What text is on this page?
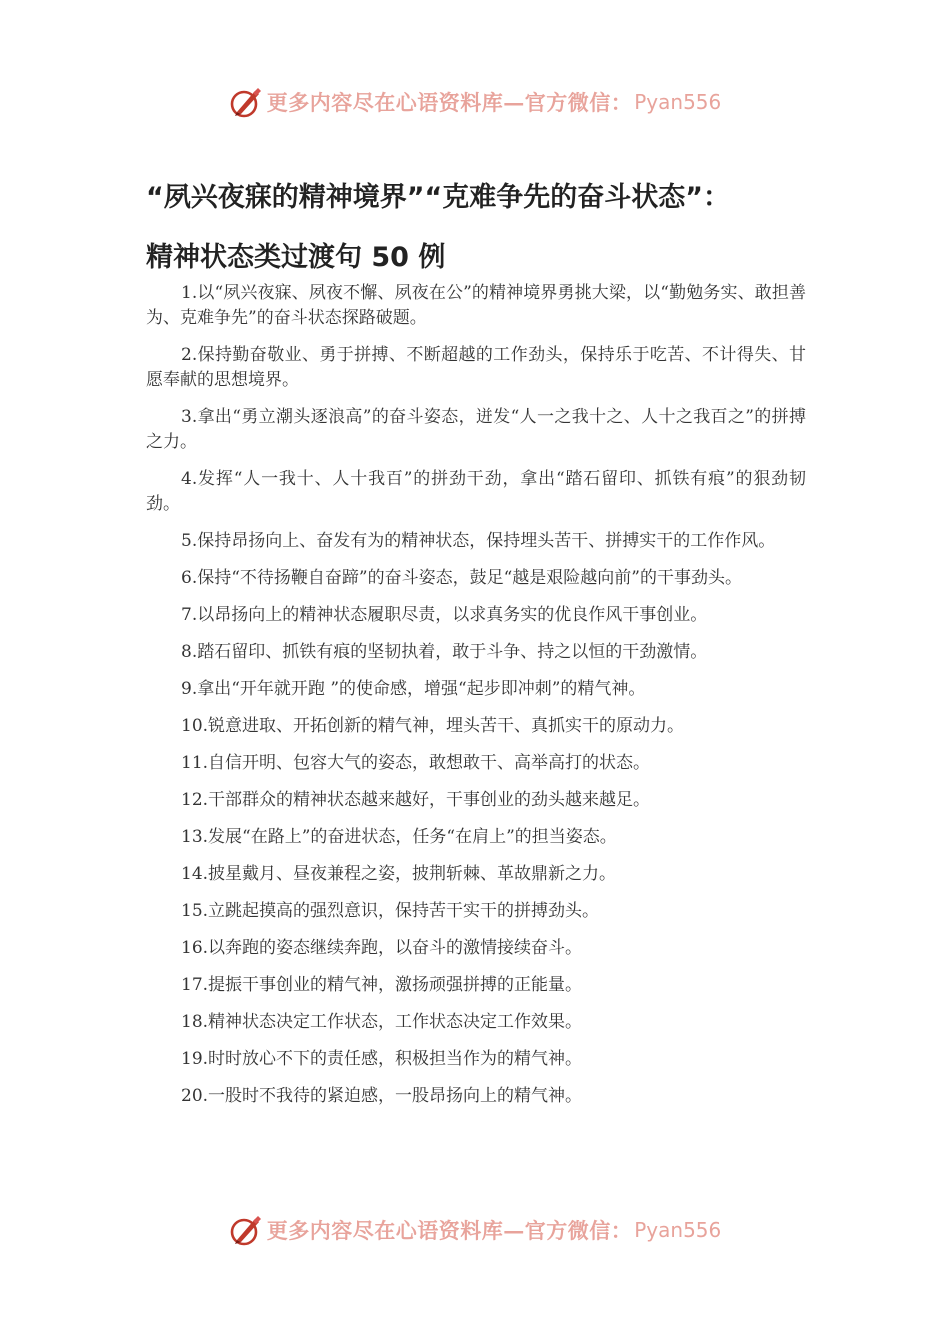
更多内容尽在心语资料库—官方微信： Pyan556
“夙兴夜寐的精神境界”“克难争先的奋斗状态”：
精神状态类过渡句 50 例

1.以“夙兴夜寐、夙夜不懈、夙夜在公”的精神境界勇挑大梁，以“勤勉务实、敢担善为、克难争先”的奋斗状态探路破题。

2.保持勤奋敬业、勇于拼搏、不断超越的工作劲头，保持乐于吃苦、不计得失、甘愿奉献的思想境界。

3.拿出“勇立潮头逐浪高”的奋斗姿态，迸发“人一之我十之、人十之我百之”的拼搏之力。

4.发挥“人一我十、人十我百”的拼劲干劲，拿出“踏石留印、抓铁有痕”的狠劲韧劲。

5.保持昂扬向上、奋发有为的精神状态，保持埋头苦干、拼搏实干的工作作风。

6.保持“不待扬鞭自奋蹄”的奋斗姿态，鼓足“越是艰险越向前”的干事劲头。

7.以昂扬向上的精神状态履职尽责，以求真务实的优良作风干事创业。

8.踏石留印、抓铁有痕的坚韧执着，敢于斗争、持之以恒的干劲激情。

9.拿出“开年就开跑 ”的使命感，增强“起步即冲刺”的精气神。

10.锐意进取、开拓创新的精气神，埋头苦干、真抓实干的原动力。

11.自信开明、包容大气的姿态，敢想敢干、高举高打的状态。

12.干部群众的精神状态越来越好，干事创业的劲头越来越足。

13.发展“在路上”的奋进状态，任务“在肩上”的担当姿态。

14.披星戴月、昼夜兼程之姿，披荆斩棘、革故鼎新之力。

15.立跳起摸高的强烈意识，保持苦干实干的拼搏劲头。

16.以奔跑的姿态继续奔跑，以奋斗的激情接续奋斗。

17.提振干事创业的精气神，激扬顽强拼搏的正能量。

18.精神状态决定工作状态，工作状态决定工作效果。

19.时时放心不下的责任感，积极担当作为的精气神。

20.一股时不我待的紧迫感，一股昂扬向上的精气神。

更多内容尽在心语资料库—官方微信： Pyan556
